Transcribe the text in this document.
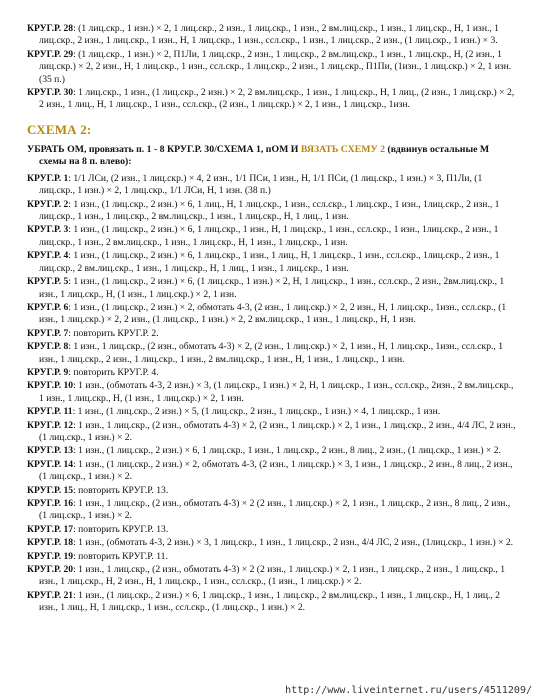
КРУГ.Р. 28: (1 лиц.скр., 1 изн.) × 2, 1 лиц.скр., 2 изн., 1 лиц.скр., 1 изн., 2 вм.лиц.скр., 1 изн., 1 лиц.скр., Н, 1 изн., 1 лиц.скр., 2 изн., 1 лиц.скр., 1 изн., Н, 1 лиц.скр., 1 изн., сcл.скр., 1 изн., 1 лиц.скр., 2 изн., (1 лиц.скр., 1 изн.) × 3.
КРУГ.Р. 29: (1 лиц.скр., 1 изн.) × 2, П1Ли, 1 лиц.скр., 2 изн., 1 лиц.скр., 2 вм.лиц.скр., 1 изн., 1 лиц.скр., Н, (2 изн., 1 лиц.скр.) × 2, 2 изн., Н, 1 лиц.скр., 1 изн., сcл.скр., 1 лиц.скр., 2 изн., 1 лиц.скр., П1Пи, (1изн., 1 лиц.скр.) × 2, 1 изн. (35 п.)
КРУГ.Р. 30: 1 лиц.скр., 1 изн., (1 лиц.скр., 2 изн.) × 2, 2 вм.лиц.скр., 1 изн., 1 лиц.скр., Н, 1 лиц., (2 изн., 1 лиц.скр.) × 2, 2 изн., 1 лиц., Н, 1 лиц.скр., 1 изн., сcл.скр., (2 изн., 1 лиц.скр.) × 2, 1 изн., 1 лиц.скр., 1изн.
СХЕМА 2:
УБРАТЬ ОМ, провязать п. 1 - 8 КРУГ.Р. 30/СХЕМА 1, пОМ И ВЯЗАТЬ СХЕМУ 2 (вдвинув остальные М схемы на 8 п. влево):
КРУГ.Р. 1: 1/1 ЛСи, (2 изн., 1 лиц.скр.) × 4, 2 изн., 1/1 ПСи, 1 изн., Н, 1/1 ПСи, (1 лиц.скр., 1 изн.) × 3, П1Ли, (1 лиц.скр., 1 изн.) × 2, 1 лиц.скр., 1/1 ЛСи, Н, 1 изн. (38 п.)
КРУГ.Р. 2: 1 изн., (1 лиц.скр., 2 изн.) × 6, 1 лиц., Н, 1 лиц.скр., 1 изн., сcл.скр., 1 лиц.скр., 1 изн., 1лиц.скр., 2 изн., 1 лиц.скр., 1 изн., 1 лиц.скр., 2 вм.лиц.скр., 1 изн., 1 лиц.скр., Н, 1 лиц., 1 изн.
КРУГ.Р. 3: 1 изн., (1 лиц.скр., 2 изн.) × 6, 1 лиц.скр., 1 изн., Н, 1 лиц.скр., 1 изн., сcл.скр., 1 изн., 1лиц.скр., 2 изн., 1 лиц.скр., 1 изн., 2 вм.лиц.скр., 1 изн., 1 лиц.скр., Н, 1 изн., 1 лиц.скр., 1 изн.
КРУГ.Р. 4: 1 изн., (1 лиц.скр., 2 изн.) × 6, 1 лиц.скр., 1 изн., 1 лиц., Н, 1 лиц.скр., 1 изн., сcл.скр., 1лиц.скр., 2 изн., 1 лиц.скр., 2 вм.лиц.скр., 1 изн., 1 лиц.скр., Н, 1 лиц., 1 изн., 1 лиц.скр., 1 изн.
КРУГ.Р. 5: 1 изн., (1 лиц.скр., 2 изн.) × 6, (1 лиц.скр., 1 изн.) × 2, Н, 1 лиц.скр., 1 изн., сcл.скр., 2 изн., 2вм.лиц.скр., 1 изн., 1 лиц.скр., Н, (1 изн., 1 лиц.скр.) × 2, 1 изн.
КРУГ.Р. 6: 1 изн., (1 лиц.скр., 2 изн.) × 2, обмотать 4-3, (2 изн., 1 лиц.скр.) × 2, 2 изн., Н, 1 лиц.скр., 1изн., сcл.скр., (1 изн., 1 лиц.скр.) × 2, 2 изн., (1 лиц.скр., 1 изн.) × 2, 2 вм.лиц.скр., 1 изн., 1 лиц.скр., Н, 1 изн.
КРУГ.Р. 7: повторить КРУГ.Р. 2.
КРУГ.Р. 8: 1 изн., 1 лиц.скр., (2 изн., обмотать 4-3) × 2, (2 изн., 1 лиц.скр.) × 2, 1 изн., Н, 1 лиц.скр., 1изн., сcл.скр., 1 изн., 1 лиц.скр., 2 изн., 1 лиц.скр., 1 изн., 2 вм.лиц.скр., 1 изн., Н, 1 изн., 1 лиц.скр., 1 изн.
КРУГ.Р. 9: повторить КРУГ.Р. 4.
КРУГ.Р. 10: 1 изн., (обмотать 4-3, 2 изн.) × 3, (1 лиц.скр., 1 изн.) × 2, Н, 1 лиц.скр., 1 изн., сcл.скр., 2изн., 2 вм.лиц.скр., 1 изн., 1 лиц.скр., Н, (1 изн., 1 лиц.скр.) × 2, 1 изн.
КРУГ.Р. 11: 1 изн., (1 лиц.скр., 2 изн.) × 5, (1 лиц.скр., 2 изн., 1 лиц.скр., 1 изн.) × 4, 1 лиц.скр., 1 изн.
КРУГ.Р. 12: 1 изн., 1 лиц.скр., (2 изн., обмотать 4-3) × 2, (2 изн., 1 лиц.скр.) × 2, 1 изн., 1 лиц.скр., 2 изн., 4/4 ЛС, 2 изн., (1 лиц.скр., 1 изн.) × 2.
КРУГ.Р. 13: 1 изн., (1 лиц.скр., 2 изн.) × 6, 1 лиц.скр., 1 изн., 1 лиц.скр., 2 изн., 8 лиц., 2 изн., (1 лиц.скр., 1 изн.) × 2.
КРУГ.Р. 14: 1 изн., (1 лиц.скр., 2 изн.) × 2, обмотать 4-3, (2 изн., 1 лиц.скр.) × 3, 1 изн., 1 лиц.скр., 2 изн., 8 лиц., 2 изн., (1 лиц.скр., 1 изн.) × 2.
КРУГ.Р. 15: повторить КРУГ.Р. 13.
КРУГ.Р. 16: 1 изн., 1 лиц.скр., (2 изн., обмотать 4-3) × 2 (2 изн., 1 лиц.скр.) × 2, 1 изн., 1 лиц.скр., 2 изн., 8 лиц., 2 изн., (1 лиц.скр., 1 изн.) × 2.
КРУГ.Р. 17: повторить КРУГ.Р. 13.
КРУГ.Р. 18: 1 изн., (обмотать 4-3, 2 изн.) × 3, 1 лиц.скр., 1 изн., 1 лиц.скр., 2 изн., 4/4 ЛС, 2 изн., (1лиц.скр., 1 изн.) × 2.
КРУГ.Р. 19: повторить КРУГ.Р. 11.
КРУГ.Р. 20: 1 изн., 1 лиц.скр., (2 изн., обмотать 4-3) × 2 (2 изн., 1 лиц.скр.) × 2, 1 изн., 1 лиц.скр., 2 изн., 1 лиц.скр., 1 изн., 1 лиц.скр., Н, 2 изн., Н, 1 лиц.скр., 1 изн., сcл.скр., (1 изн., 1 лиц.скр.) × 2.
КРУГ.Р. 21: 1 изн., (1 лиц.скр., 2 изн.) × 6, 1 лиц.скр., 1 изн., 1 лиц.скр., 2 вм.лиц.скр., 1 изн., 1 лиц.скр., Н, 1 лиц., 2 изн., 1 лиц., Н, 1 лиц.скр., 1 изн., сcл.скр., (1 лиц.скр., 1 изн.) × 2.
http://www.liveinternet.ru/users/4511209/
